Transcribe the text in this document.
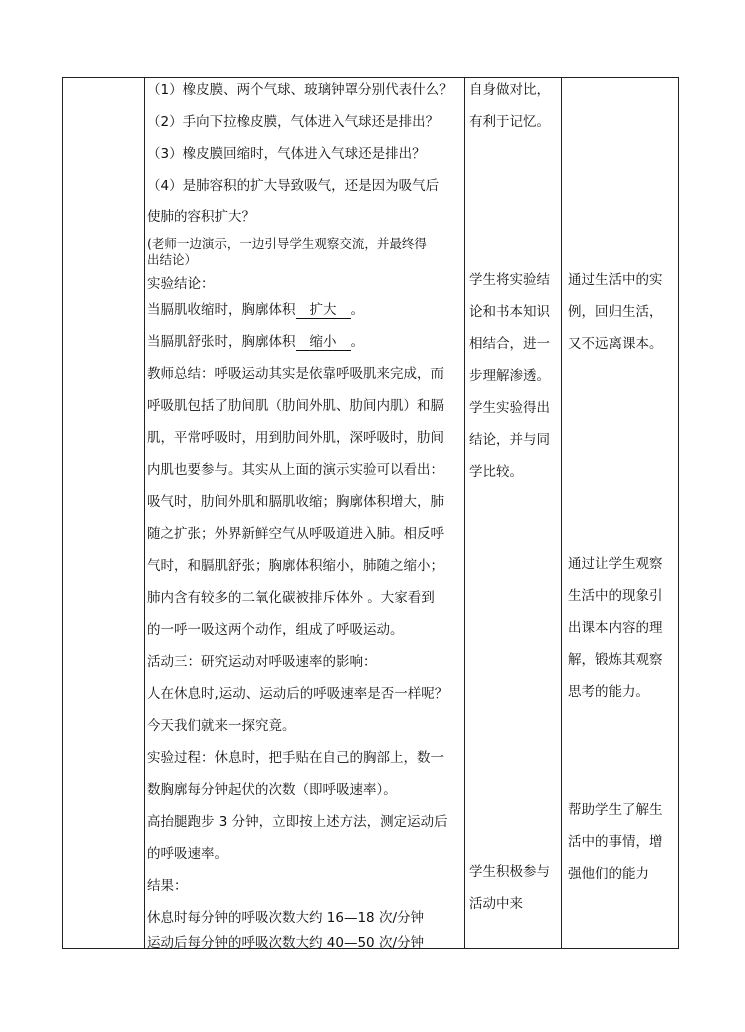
（1）橡皮膜、两个气球、玻璃钟罩分别代表什么？
（2）手向下拉橡皮膜，气体进入气球还是排出？
（3）橡皮膜回缩时，气体进入气球还是排出？
（4）是肺容积的扩大导致吸气，还是因为吸气后
使肺的容积扩大？
(老师一边演示，一边引导学生观察交流，并最终得
出结论）
实验结论：
当膈肌收缩时，胸廓体积 扩大 。
当膈肌舒张时，胸廓体积 缩小 。
教师总结：呼吸运动其实是依靠呼吸肌来完成，而
呼吸肌包括了肋间肌（肋间外肌、肋间内肌）和膈
肌，平常呼吸时，用到肋间外肌，深呼吸时，肋间
内肌也要参与。其实从上面的演示实验可以看出：
吸气时，肋间外肌和膈肌收缩；胸廓体积增大，肺
随之扩张；外界新鲜空气从呼吸道进入肺。相反呼
气时，和膈肌舒张；胸廓体积缩小，肺随之缩小；
肺内含有较多的二氧化碳被排斥体外 。大家看到
的一呼一吸这两个动作，组成了呼吸运动。
活动三：研究运动对呼吸速率的影响：
人在休息时,运动、运动后的呼吸速率是否一样呢？
今天我们就来一探究竟。
实验过程：休息时，把手贴在自己的胸部上，数一
数胸廓每分钟起伏的次数（即呼吸速率）。
高抬腿跑步 3 分钟，立即按上述方法，测定运动后
的呼吸速率。
结果：
休息时每分钟的呼吸次数大约 16—18 次/分钟
运动后每分钟的呼吸次数大约 40—50 次/分钟
自身做对比，
有利于记忆。
学生将实验结
论和书本知识
相结合，进一
步理解渗透。
学生实验得出
结论，并与同
学比较。
学生积极参与
活动中来
通过生活中的实
例，回归生活，
又不远离课本。
通过让学生观察
生活中的现象引
出课本内容的理
解，锻炼其观察
思考的能力。
帮助学生了解生
活中的事情，增
强他们的能力
